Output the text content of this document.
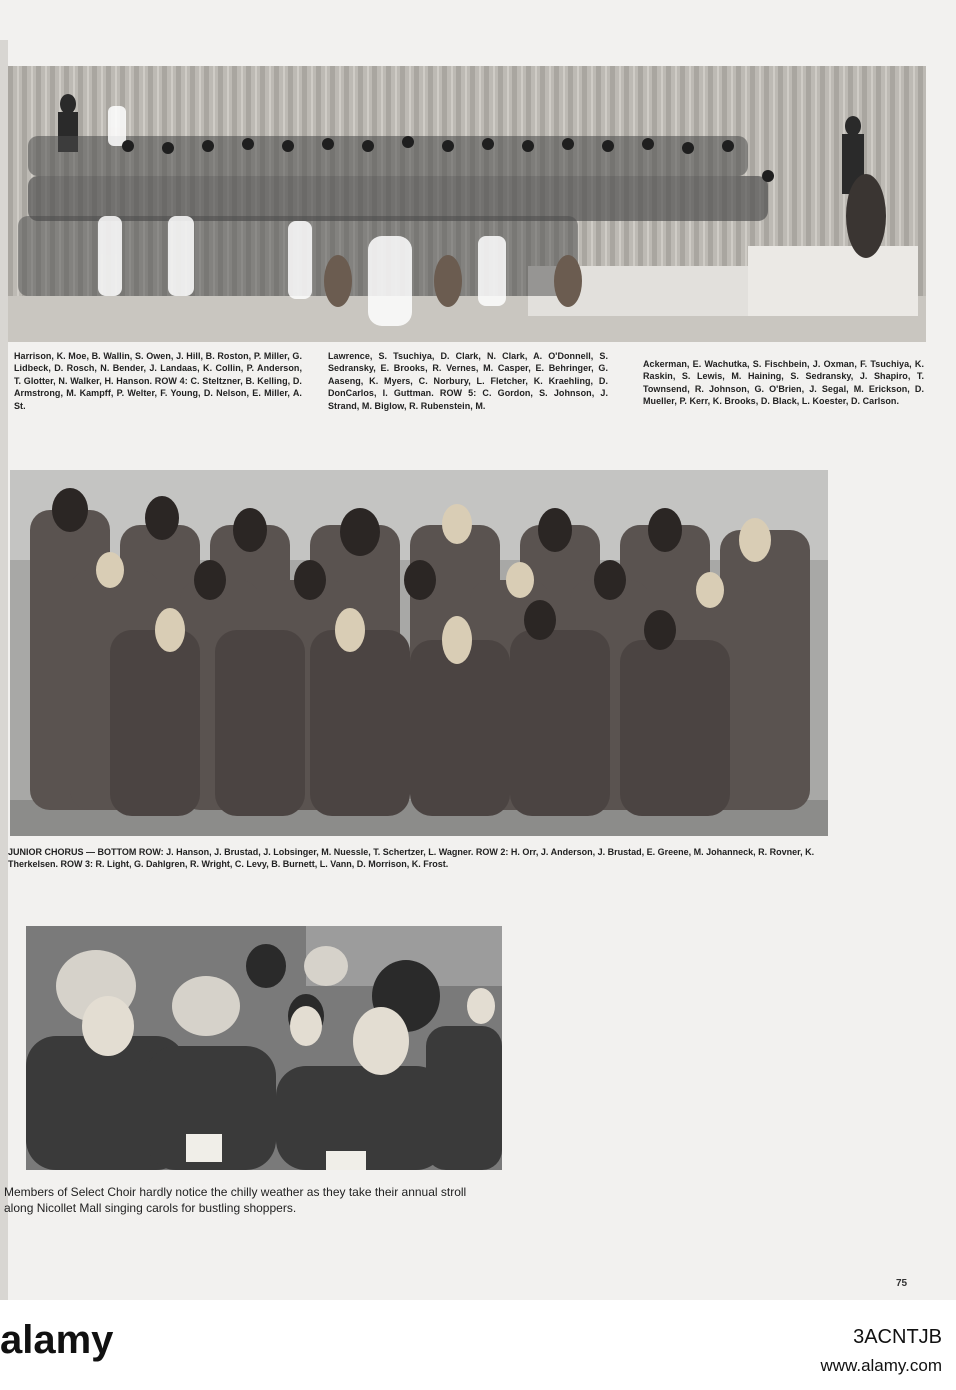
Harrison, K. Moe, B. Wallin, S. Owen, J. Hill, B. Roston, P. Miller, G. Lidbeck, D. Rosch, N. Bender, J. Landaas, K. Collin, P. Anderson, T. Glotter, N. Walker, H. Hanson. ROW 4: C. Steltzner, B. Kelling, D. Armstrong, M. Kampff, P. Welter, F. Young, D. Nelson, E. Miller, A. St.
Lawrence, S. Tsuchiya, D. Clark, N. Clark, A. O'Donnell, S. Sedransky, E. Brooks, R. Vernes, M. Casper, E. Behringer, G. Aaseng, K. Myers, C. Norbury, L. Fletcher, K. Kraehling, D. DonCarlos, I. Guttman. ROW 5: C. Gordon, S. Johnson, J. Strand, M. Biglow, R. Rubenstein, M.
Ackerman, E. Wachutka, S. Fischbein, J. Oxman, F. Tsuchiya, K. Raskin, S. Lewis, M. Haining, S. Sedransky, J. Shapiro, T. Townsend, R. Johnson, G. O'Brien, J. Segal, M. Erickson, D. Mueller, P. Kerr, K. Brooks, D. Black, L. Koester, D. Carlson.
JUNIOR CHORUS — BOTTOM ROW: J. Hanson, J. Brustad, J. Lobsinger, M. Nuessle, T. Schertzer, L. Wagner. ROW 2: H. Orr, J. Anderson, J. Brustad, E. Greene, M. Johanneck, R. Rovner, K. Therkelsen. ROW 3: R. Light, G. Dahlgren, R. Wright, C. Levy, B. Burnett, L. Vann, D. Morrison, K. Frost.
Members of Select Choir hardly notice the chilly weather as they take their annual stroll along Nicollet Mall singing carols for bustling shoppers.
75
alamy	3ACNTJB
www.alamy.com
